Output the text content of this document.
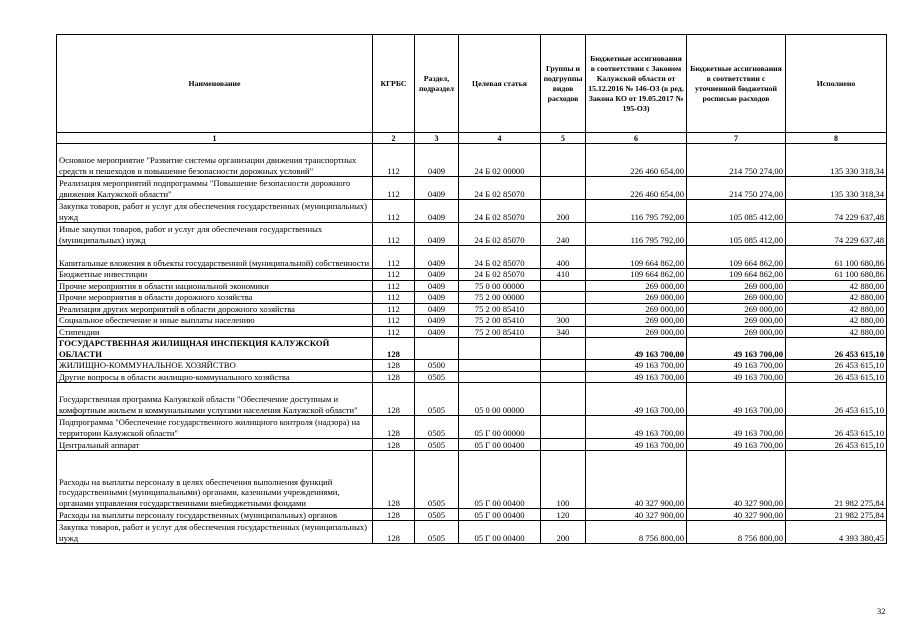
Наименование	КГРБС	Раздел, подраздел	Целевая статья	Группы и подгруппы видов расходов	Бюджетные ассигнования в соответствии с Законом Калужской области от 15.12.2016 № 146-ОЗ (в ред. Закона КО от 19.05.2017 № 195-ОЗ)	Бюджетные ассигнования в соответствии с уточненной бюджетной росписью расходов	Исполнено
1	2	3	4	5	6	7	8
Основное мероприятие "Развитие системы организации движения транспортных средств и пешеходов и повышение безопасности дорожных условий"	112	0409	24 Б 02 00000		226 460 654,00	214 750 274,00	135 330 318,34
Реализация мероприятий подпрограммы "Повышение безопасности дорожного движения Калужской области"	112	0409	24 Б 02 85070		226 460 654,00	214 750 274,00	135 330 318,34
Закупка товаров, работ и услуг для обеспечения государственных (муниципальных) нужд	112	0409	24 Б 02 85070	200	116 795 792,00	105 085 412,00	74 229 637,48
Иные закупки товаров, работ и услуг для обеспечения государственных (муниципальных) нужд	112	0409	24 Б 02 85070	240	116 795 792,00	105 085 412,00	74 229 637,48
Капитальные вложения в объекты государственной (муниципальной) собственности	112	0409	24 Б 02 85070	400	109 664 862,00	109 664 862,00	61 100 680,86
Бюджетные инвестиции	112	0409	24 Б 02 85070	410	109 664 862,00	109 664 862,00	61 100 680,86
Прочие мероприятия в области национальной экономики	112	0409	75 0 00 00000		269 000,00	269 000,00	42 880,00
Прочие мероприятия в области дорожного хозяйства	112	0409	75 2 00 00000		269 000,00	269 000,00	42 880,00
Реализация других мероприятий в области дорожного хозяйства	112	0409	75 2 00 85410		269 000,00	269 000,00	42 880,00
Социальное обеспечение и иные выплаты населению	112	0409	75 2 00 85410	300	269 000,00	269 000,00	42 880,00
Стипендии	112	0409	75 2 00 85410	340	269 000,00	269 000,00	42 880,00
ГОСУДАРСТВЕННАЯ ЖИЛИЩНАЯ ИНСПЕКЦИЯ КАЛУЖСКОЙ ОБЛАСТИ	128				49 163 700,00	49 163 700,00	26 453 615,10
ЖИЛИЩНО-КОММУНАЛЬНОЕ ХОЗЯЙСТВО	128	0500			49 163 700,00	49 163 700,00	26 453 615,10
Другие вопросы в области жилищно-коммунального хозяйства	128	0505			49 163 700,00	49 163 700,00	26 453 615,10
Государственная программа Калужской области "Обеспечение доступным и комфортным жильем и коммунальными услугами населения Калужской области"	128	0505	05 0 00 00000		49 163 700,00	49 163 700,00	26 453 615,10
Подпрограмма "Обеспечение государственного жилищного контроля (надзора) на территории Калужской области"	128	0505	05 Г 00 00000		49 163 700,00	49 163 700,00	26 453 615,10
Центральный аппарат	128	0505	05 Г 00 00400		49 163 700,00	49 163 700,00	26 453 615,10
Расходы на выплаты персоналу в целях обеспечения выполнения функций государственными (муниципальными) органами, казенными учреждениями, органами управления государственными внебюджетными фондами	128	0505	05 Г 00 00400	100	40 327 900,00	40 327 900,00	21 982 275,84
Расходы на выплаты персоналу государственных (муниципальных) органов	128	0505	05 Г 00 00400	120	40 327 900,00	40 327 900,00	21 982 275,84
Закупка товаров, работ и услуг для обеспечения государственных (муниципальных) нужд	128	0505	05 Г 00 00400	200	8 756 800,00	8 756 800,00	4 393 380,45
32
